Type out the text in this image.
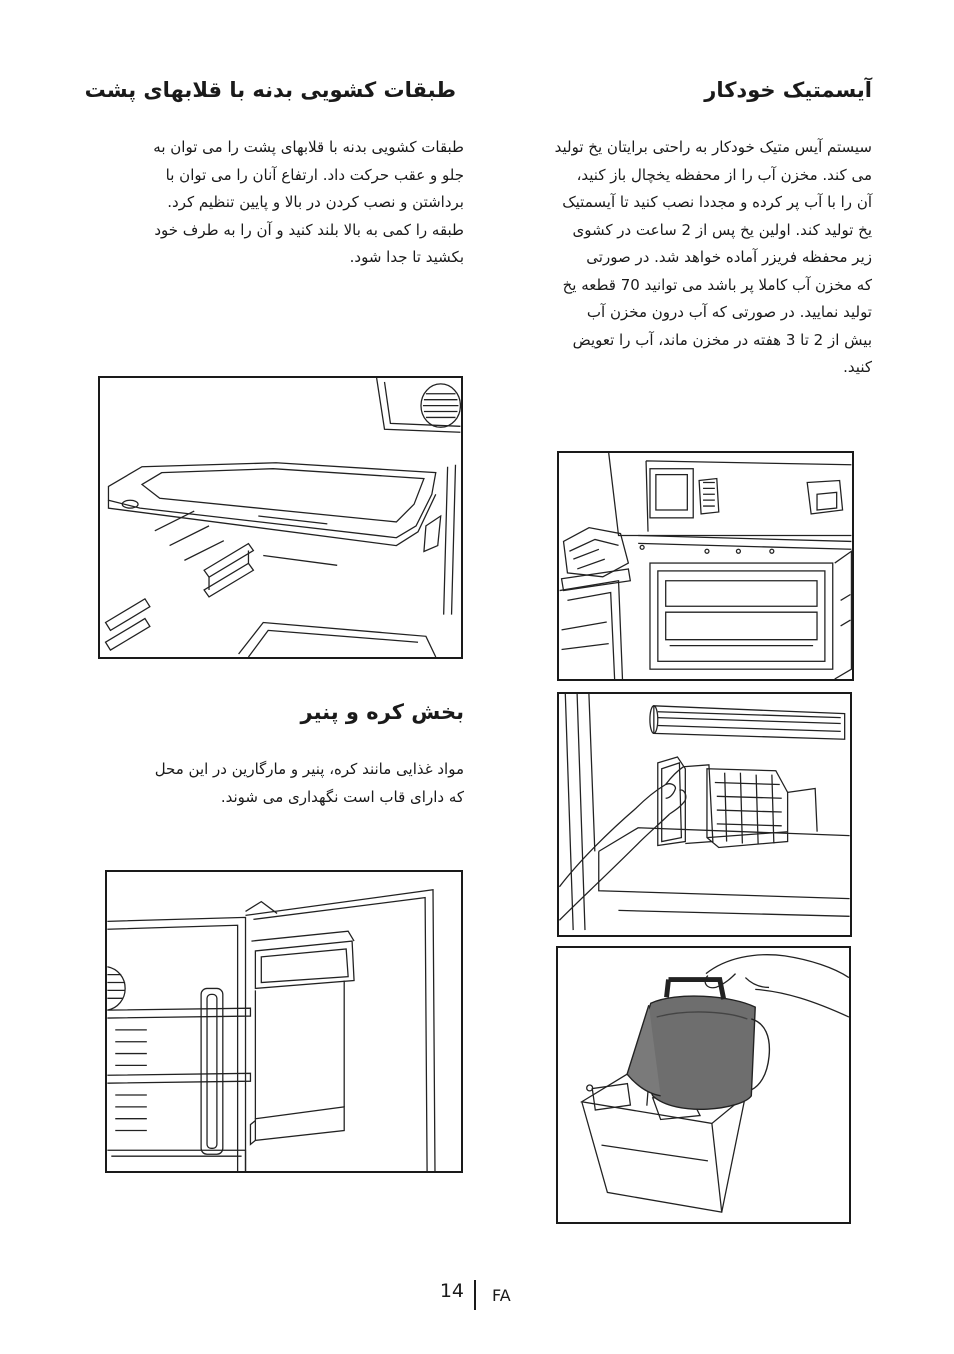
آیسمتیک خودکار

سیستم آیس متیک خودکار به راحتی برایتان یخ تولید

می کند. مخزن آب را از محفظه یخچال باز کنید،

آن را با آب پر کرده و مجددا نصب کنید تا آیسمتیک

یخ تولید کند. اولین یخ پس از 2 ساعت در کشوی

زیر محفظه فریزر آماده خواهد شد. در صورتی

که مخزن آب کاملا پر باشد می توانید 70 قطعه یخ

تولید نمایید. در صورتی که آب درون مخزن آب

بیش از 2 تا 3 هفته در مخزن ماند، آب را تعویض

کنید.

طبقات کشویی بدنه با قلابهای پشت

طبقات کشویی بدنه با قلابهای پشت را می توان به

جلو و عقب حرکت داد. ارتفاع آنان را می توان با

برداشتن و نصب کردن در بالا و پایین تنظیم کرد.

طبقه را کمی به بالا بلند کنید و آن را به طرف خود

بکشید تا جدا شود.

بخش کره و پنیر

مواد غذایی مانند کره، پنیر و مارگارین در این محل

که دارای قاب است نگهداری می شوند.

14 FA
